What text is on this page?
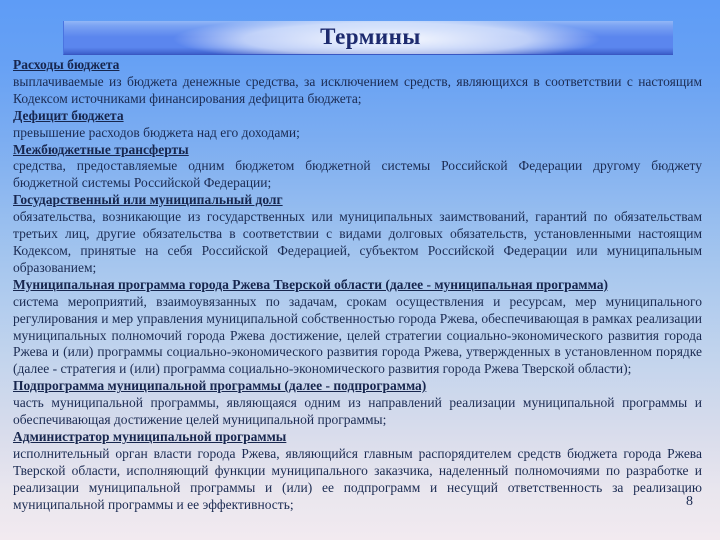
Термины
Расходы бюджета
выплачиваемые из бюджета денежные средства, за исключением средств, являющихся в соответствии с настоящим Кодексом источниками финансирования дефицита бюджета;
Дефицит бюджета
превышение расходов бюджета над его доходами;
Межбюджетные трансферты
средства, предоставляемые одним бюджетом бюджетной системы Российской Федерации другому бюджету бюджетной системы Российской Федерации;
Государственный или муниципальный долг
обязательства, возникающие из государственных или муниципальных заимствований, гарантий по обязательствам третьих лиц, другие обязательства в соответствии с видами долговых обязательств, установленными настоящим Кодексом, принятые на себя Российской Федерацией, субъектом Российской Федерации или муниципальным образованием;
Муниципальная программа города Ржева Тверской области (далее - муниципальная программа)
система мероприятий, взаимоувязанных по задачам, срокам осуществления и ресурсам, мер муниципального регулирования и мер управления муниципальной собственностью города Ржева, обеспечивающая в рамках реализации муниципальных полномочий города Ржева достижение, целей стратегии социально-экономического развития города Ржева и (или) программы социально-экономического развития города Ржева, утвержденных в установленном порядке (далее - стратегия и (или) программа социально-экономического развития города Ржева Тверской области);
Подпрограмма муниципальной программы (далее - подпрограмма)
часть муниципальной программы, являющаяся одним из направлений реализации муниципальной программы и обеспечивающая достижение целей муниципальной программы;
Администратор муниципальной программы
исполнительный орган власти города Ржева, являющийся главным распорядителем средств бюджета города Ржева Тверской области, исполняющий функции муниципального заказчика, наделенный полномочиями по разработке и реализации муниципальной программы и (или) ее подпрограмм и несущий ответственность за реализацию муниципальной программы и ее эффективность;	8
